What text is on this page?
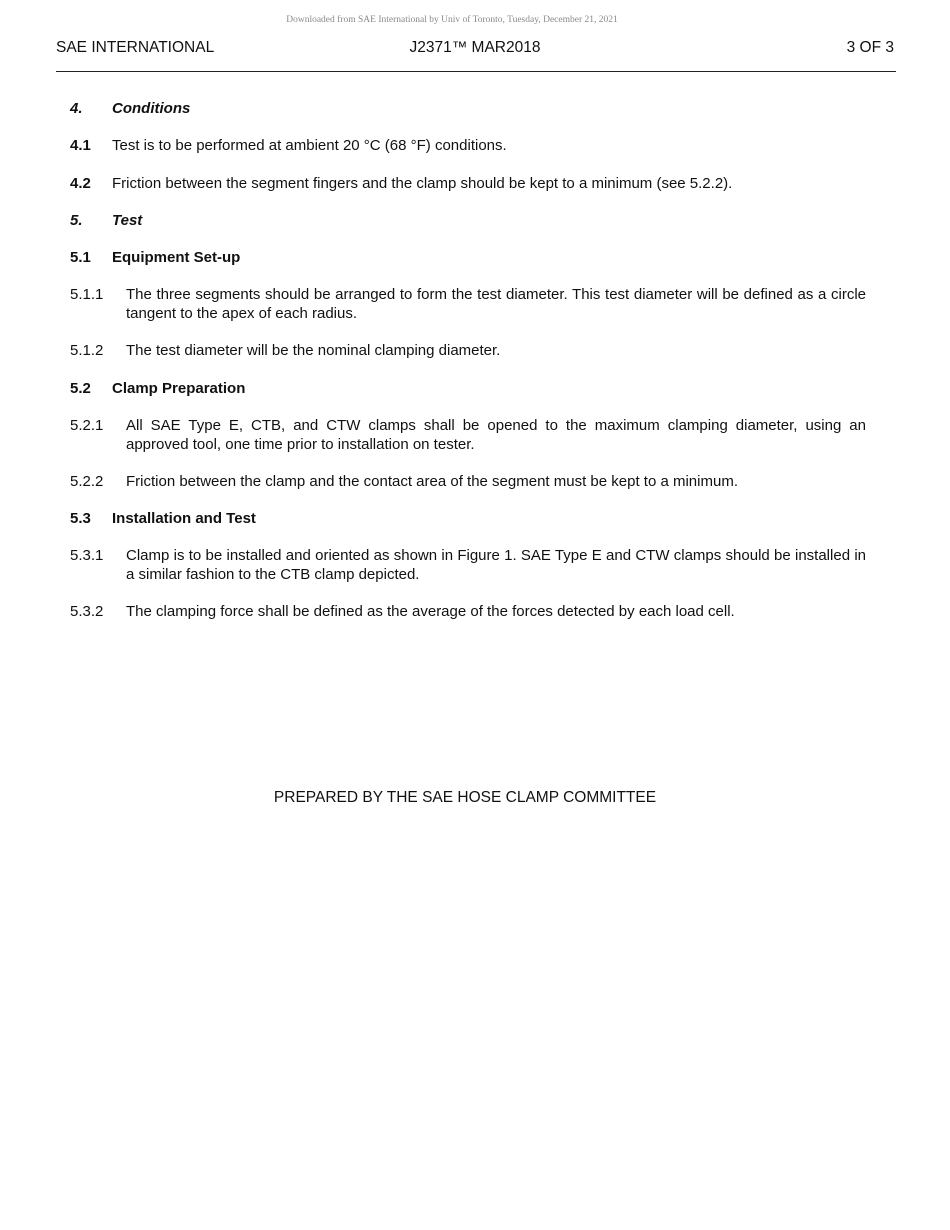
Downloaded from SAE International by Univ of Toronto, Tuesday, December 21, 2021
SAE INTERNATIONAL	J2371™ MAR2018	3 OF 3
4. Conditions
4.1 Test is to be performed at ambient 20 °C (68 °F) conditions.
4.2 Friction between the segment fingers and the clamp should be kept to a minimum (see 5.2.2).
5. Test
5.1 Equipment Set-up
5.1.1 The three segments should be arranged to form the test diameter. This test diameter will be defined as a circle tangent to the apex of each radius.
5.1.2 The test diameter will be the nominal clamping diameter.
5.2 Clamp Preparation
5.2.1 All SAE Type E, CTB, and CTW clamps shall be opened to the maximum clamping diameter, using an approved tool, one time prior to installation on tester.
5.2.2 Friction between the clamp and the contact area of the segment must be kept to a minimum.
5.3 Installation and Test
5.3.1 Clamp is to be installed and oriented as shown in Figure 1. SAE Type E and CTW clamps should be installed in a similar fashion to the CTB clamp depicted.
5.3.2 The clamping force shall be defined as the average of the forces detected by each load cell.
PREPARED BY THE SAE HOSE CLAMP COMMITTEE
